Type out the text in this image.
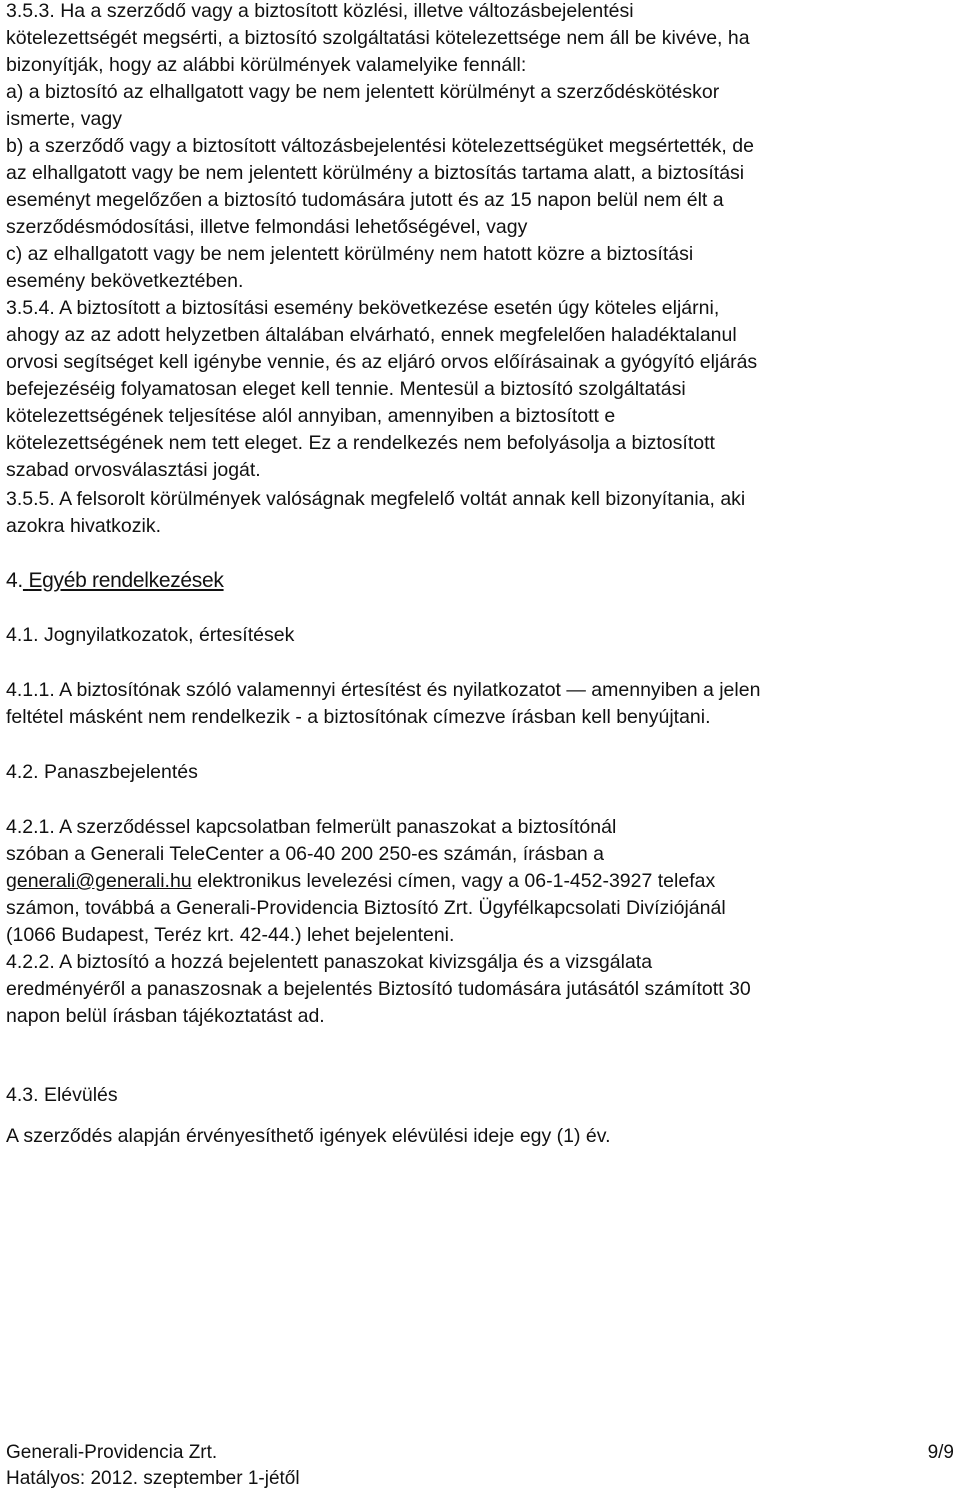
3.5.3. Ha a szerződő vagy a biztosított közlési, illetve változásbejelentési
kötelezettségét megsérti, a biztosító szolgáltatási kötelezettsége nem áll be kivéve, ha
bizonyítják, hogy az alábbi körülmények valamelyike fennáll:
a) a biztosító az elhallgatott vagy be nem jelentett körülményt a szerződéskötéskor
ismerte, vagy
b) a szerződő vagy a biztosított változásbejelentési kötelezettségüket megsértették, de
az elhallgatott vagy be nem jelentett körülmény a biztosítás tartama alatt, a biztosítási
eseményt megelőzően a biztosító tudomására jutott és az 15 napon belül nem élt a
szerződésmódosítási, illetve felmondási lehetőségével, vagy
c) az elhallgatott vagy be nem jelentett körülmény nem hatott közre a biztosítási
esemény bekövetkeztében.
3.5.4. A biztosított a biztosítási esemény bekövetkezése esetén úgy köteles eljárni,
ahogy az az adott helyzetben általában elvárható, ennek megfelelően haladéktalanul
orvosi segítséget kell igénybe vennie, és az eljáró orvos előírásainak a gyógyító eljárás
befejezéséig folyamatosan eleget kell tennie. Mentesül a biztosító szolgáltatási
kötelezettségének teljesítése alól annyiban, amennyiben a biztosított e
kötelezettségének nem tett eleget. Ez a rendelkezés nem befolyásolja a biztosított
szabad orvosválasztási jogát.
3.5.5. A felsorolt körülmények valóságnak megfelelő voltát annak kell bizonyítania, aki
azokra hivatkozik.
4. Egyéb rendelkezések
4.1. Jognyilatkozatok, értesítések
4.1.1. A biztosítónak szóló valamennyi értesítést és nyilatkozatot ― amennyiben a jelen
feltétel másként nem rendelkezik - a biztosítónak címezve írásban kell benyújtani.
4.2. Panaszbejelentés
4.2.1. A szerződéssel kapcsolatban felmerült panaszokat a biztosítónál
szóban a Generali TeleCenter a 06-40 200 250-es számán, írásban a
generali@generali.hu elektronikus levelezési címen, vagy a 06-1-452-3927 telefax
számon, továbbá a Generali-Providencia Biztosító Zrt. Ügyfélkapcsolati Divíziójánál
(1066 Budapest, Teréz krt. 42-44.) lehet bejelenteni.
4.2.2. A biztosító a hozzá bejelentett panaszokat kivizsgálja és a vizsgálata
eredményéről a panaszosnak a bejelentés Biztosító tudomására jutásától számított 30
napon belül írásban tájékoztatást ad.
4.3. Elévülés
A szerződés alapján érvényesíthető igények elévülési ideje egy (1) év.
Generali-Providencia Zrt.	9/9
Hatályos: 2012. szeptember 1-jétől
